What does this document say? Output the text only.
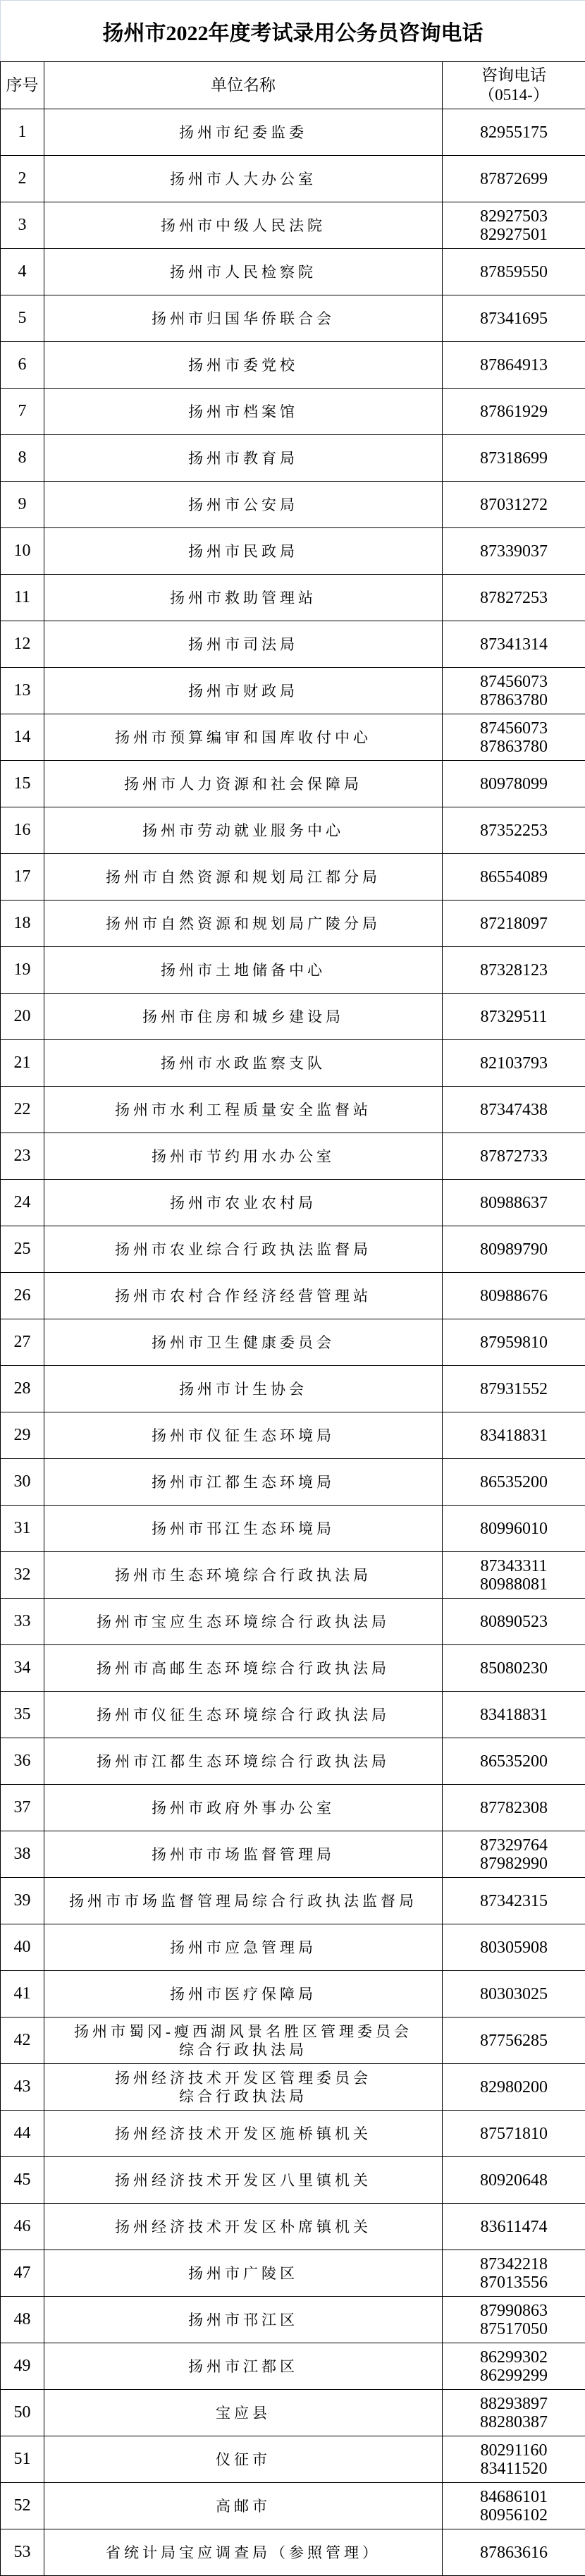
扬州市2022年度考试录用公务员咨询电话
序号	单位名称	咨询电话
（0514-）

1	扬州市纪委监委	82955175

2	扬州市人大办公室	87872699

3	扬州市中级人民法院	82927503
82927501

4	扬州市人民检察院	87859550

5	扬州市归国华侨联合会	87341695

6	扬州市委党校	87864913

7	扬州市档案馆	87861929

8	扬州市教育局	87318699

9	扬州市公安局	87031272

10	扬州市民政局	87339037

11	扬州市救助管理站	87827253

12	扬州市司法局	87341314

13	扬州市财政局	87456073
87863780

14	扬州市预算编审和国库收付中心	87456073
87863780

15	扬州市人力资源和社会保障局	80978099

16	扬州市劳动就业服务中心	87352253

17	扬州市自然资源和规划局江都分局	86554089

18	扬州市自然资源和规划局广陵分局	87218097

19	扬州市土地储备中心	87328123

20	扬州市住房和城乡建设局	87329511

21	扬州市水政监察支队	82103793

22	扬州市水利工程质量安全监督站	87347438

23	扬州市节约用水办公室	87872733

24	扬州市农业农村局	80988637

25	扬州市农业综合行政执法监督局	80989790

26	扬州市农村合作经济经营管理站	80988676

27	扬州市卫生健康委员会	87959810

28	扬州市计生协会	87931552

29	扬州市仪征生态环境局	83418831

30	扬州市江都生态环境局	86535200

31	扬州市邗江生态环境局	80996010

32	扬州市生态环境综合行政执法局	87343311
80988081

33	扬州市宝应生态环境综合行政执法局	80890523

34	扬州市高邮生态环境综合行政执法局	85080230

35	扬州市仪征生态环境综合行政执法局	83418831

36	扬州市江都生态环境综合行政执法局	86535200

37	扬州市政府外事办公室	87782308

38	扬州市市场监督管理局	87329764
87982990

39	扬州市市场监督管理局综合行政执法监督局	87342315

40	扬州市应急管理局	80305908

41	扬州市医疗保障局	80303025

42	扬州市蜀冈-瘦西湖风景名胜区管理委员会
综合行政执法局	87756285

43	扬州经济技术开发区管理委员会
综合行政执法局	82980200

44	扬州经济技术开发区施桥镇机关	87571810

45	扬州经济技术开发区八里镇机关	80920648

46	扬州经济技术开发区朴席镇机关	83611474

47	扬州市广陵区	87342218
87013556

48	扬州市邗江区	87990863
87517050

49	扬州市江都区	86299302
86299299

50	宝应县	88293897
88280387

51	仪征市	80291160
83411520

52	高邮市	84686101
80956102

53	省统计局宝应调查局（参照管理）	87863616
